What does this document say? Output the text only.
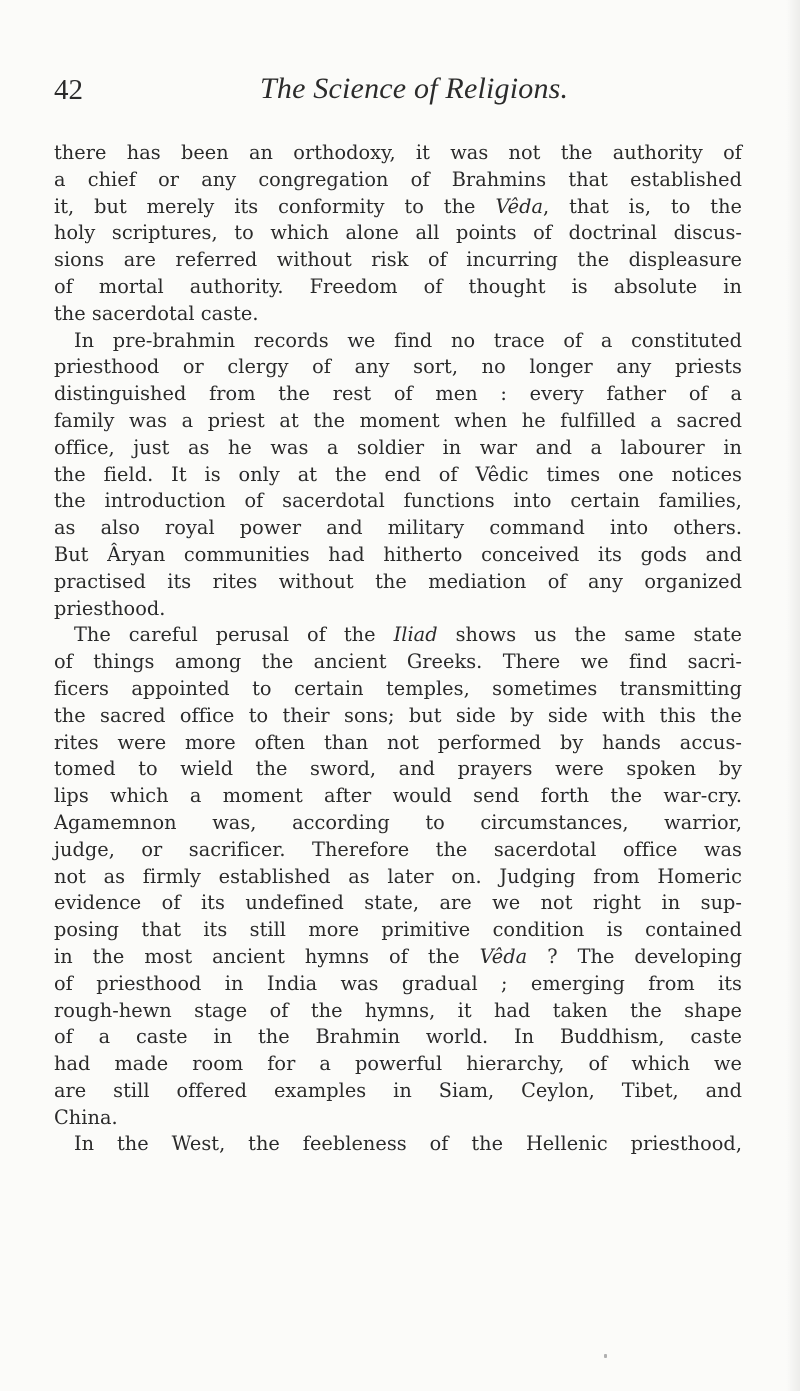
42	The Science of Religions.
there has been an orthodoxy, it was not the authority of
a chief or any congregation of Brahmins that established
it, but merely its conformity to the Vêda, that is, to the
holy scriptures, to which alone all points of doctrinal discus-
sions are referred without risk of incurring the displeasure
of mortal authority. Freedom of thought is absolute in
the sacerdotal caste.
In pre-brahmin records we find no trace of a constituted
priesthood or clergy of any sort, no longer any priests
distinguished from the rest of men : every father of a
family was a priest at the moment when he fulfilled a sacred
office, just as he was a soldier in war and a labourer in
the field. It is only at the end of Vêdic times one notices
the introduction of sacerdotal functions into certain families,
as also royal power and military command into others.
But Âryan communities had hitherto conceived its gods and
practised its rites without the mediation of any organized
priesthood.
The careful perusal of the Iliad shows us the same state
of things among the ancient Greeks. There we find sacri-
ficers appointed to certain temples, sometimes transmitting
the sacred office to their sons; but side by side with this the
rites were more often than not performed by hands accus-
tomed to wield the sword, and prayers were spoken by
lips which a moment after would send forth the war-cry.
Agamemnon was, according to circumstances, warrior,
judge, or sacrificer. Therefore the sacerdotal office was
not as firmly established as later on. Judging from Homeric
evidence of its undefined state, are we not right in sup-
posing that its still more primitive condition is contained
in the most ancient hymns of the Vêda ? The developing
of priesthood in India was gradual ; emerging from its
rough-hewn stage of the hymns, it had taken the shape
of a caste in the Brahmin world. In Buddhism, caste
had made room for a powerful hierarchy, of which we
are still offered examples in Siam, Ceylon, Tibet, and
China.
In the West, the feebleness of the Hellenic priesthood,
